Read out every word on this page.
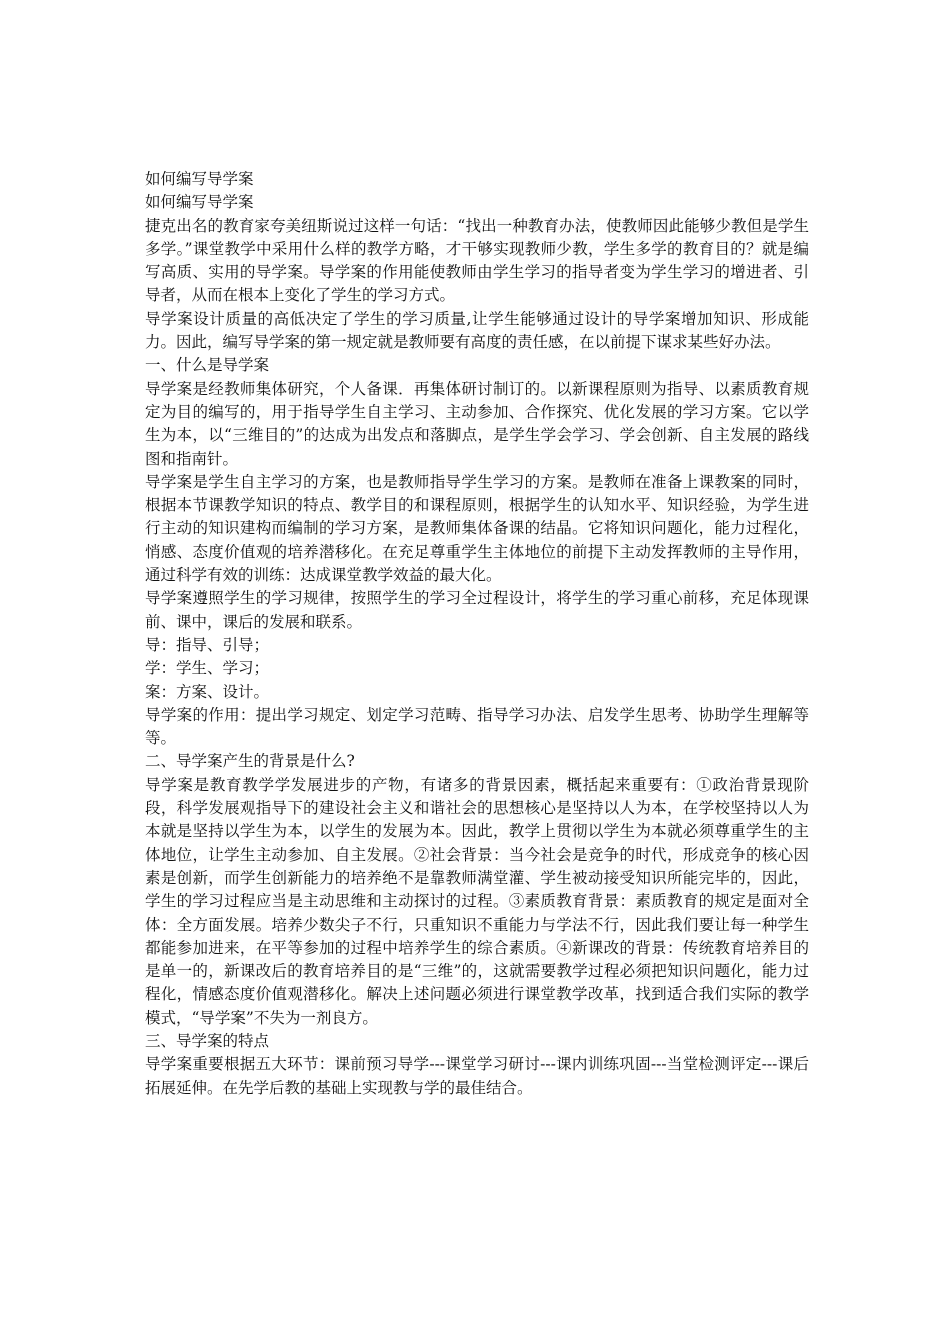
如何编写导学案

如何编写导学案

捷克出名的教育家夸美纽斯说过这样一句话：“找出一种教育办法，使教师因此能够少教但是学生多学。”课堂教学中采用什么样的教学方略，才干够实现教师少教，学生多学的教育目的？就是编写高质、实用的导学案。导学案的作用能使教师由学生学习的指导者变为学生学习的增进者、引导者，从而在根本上变化了学生的学习方式。

导学案设计质量的高低决定了学生的学习质量,让学生能够通过设计的导学案增加知识、形成能力。因此，编写导学案的第一规定就是教师要有高度的责任感，在以前提下谋求某些好办法。

一、什么是导学案

导学案是经教师集体研究，个人备课．再集体研讨制订的。以新课程原则为指导、以素质教育规定为目的编写的，用于指导学生自主学习、主动参加、合作探究、优化发展的学习方案。它以学生为本，以“三维目的”的达成为出发点和落脚点，是学生学会学习、学会创新、自主发展的路线图和指南针。

导学案是学生自主学习的方案，也是教师指导学生学习的方案。是教师在准备上课教案的同时，根据本节课教学知识的特点、教学目的和课程原则，根据学生的认知水平、知识经验，为学生进行主动的知识建构而编制的学习方案，是教师集体备课的结晶。它将知识问题化，能力过程化，悄感、态度价值观的培养潜移化。在充足尊重学生主体地位的前提下主动发挥教师的主导作用，通过科学有效的训练：达成课堂教学效益的最大化。

导学案遵照学生的学习规律，按照学生的学习全过程设计，将学生的学习重心前移，充足体现课前、课中，课后的发展和联系。

导：指导、引导；

学：学生、学习；

案：方案、设计。

导学案的作用：提出学习规定、划定学习范畴、指导学习办法、启发学生思考、协助学生理解等等。

二、导学案产生的背景是什么?

导学案是教育教学学发展进步的产物，有诸多的背景因素，概括起来重要有：①政治背景现阶段，科学发展观指导下的建设社会主义和谐社会的思想核心是坚持以人为本，在学校坚持以人为本就是坚持以学生为本，以学生的发展为本。因此，教学上贯彻以学生为本就必须尊重学生的主体地位，让学生主动参加、自主发展。②社会背景：当今社会是竞争的时代，形成竞争的核心因素是创新，而学生创新能力的培养绝不是靠教师满堂灌、学生被动接受知识所能完毕的，因此，学生的学习过程应当是主动思维和主动探讨的过程。③素质教育背景：素质教育的规定是面对全体：全方面发展。培养少数尖子不行，只重知识不重能力与学法不行，因此我们要让每一种学生都能参加进来，在平等参加的过程中培养学生的综合素质。④新课改的背景：传统教育培养目的是单一的，新课改后的教育培养目的是“三维”的，这就需要教学过程必须把知识问题化，能力过程化，情感态度价值观潜移化。解决上述问题必须进行课堂教学改革，找到适合我们实际的教学模式，“导学案”不失为一剂良方。

三、导学案的特点

导学案重要根据五大环节：课前预习导学---课堂学习研讨---课内训练巩固---当堂检测评定---课后拓展延伸。在先学后教的基础上实现教与学的最佳结合。
